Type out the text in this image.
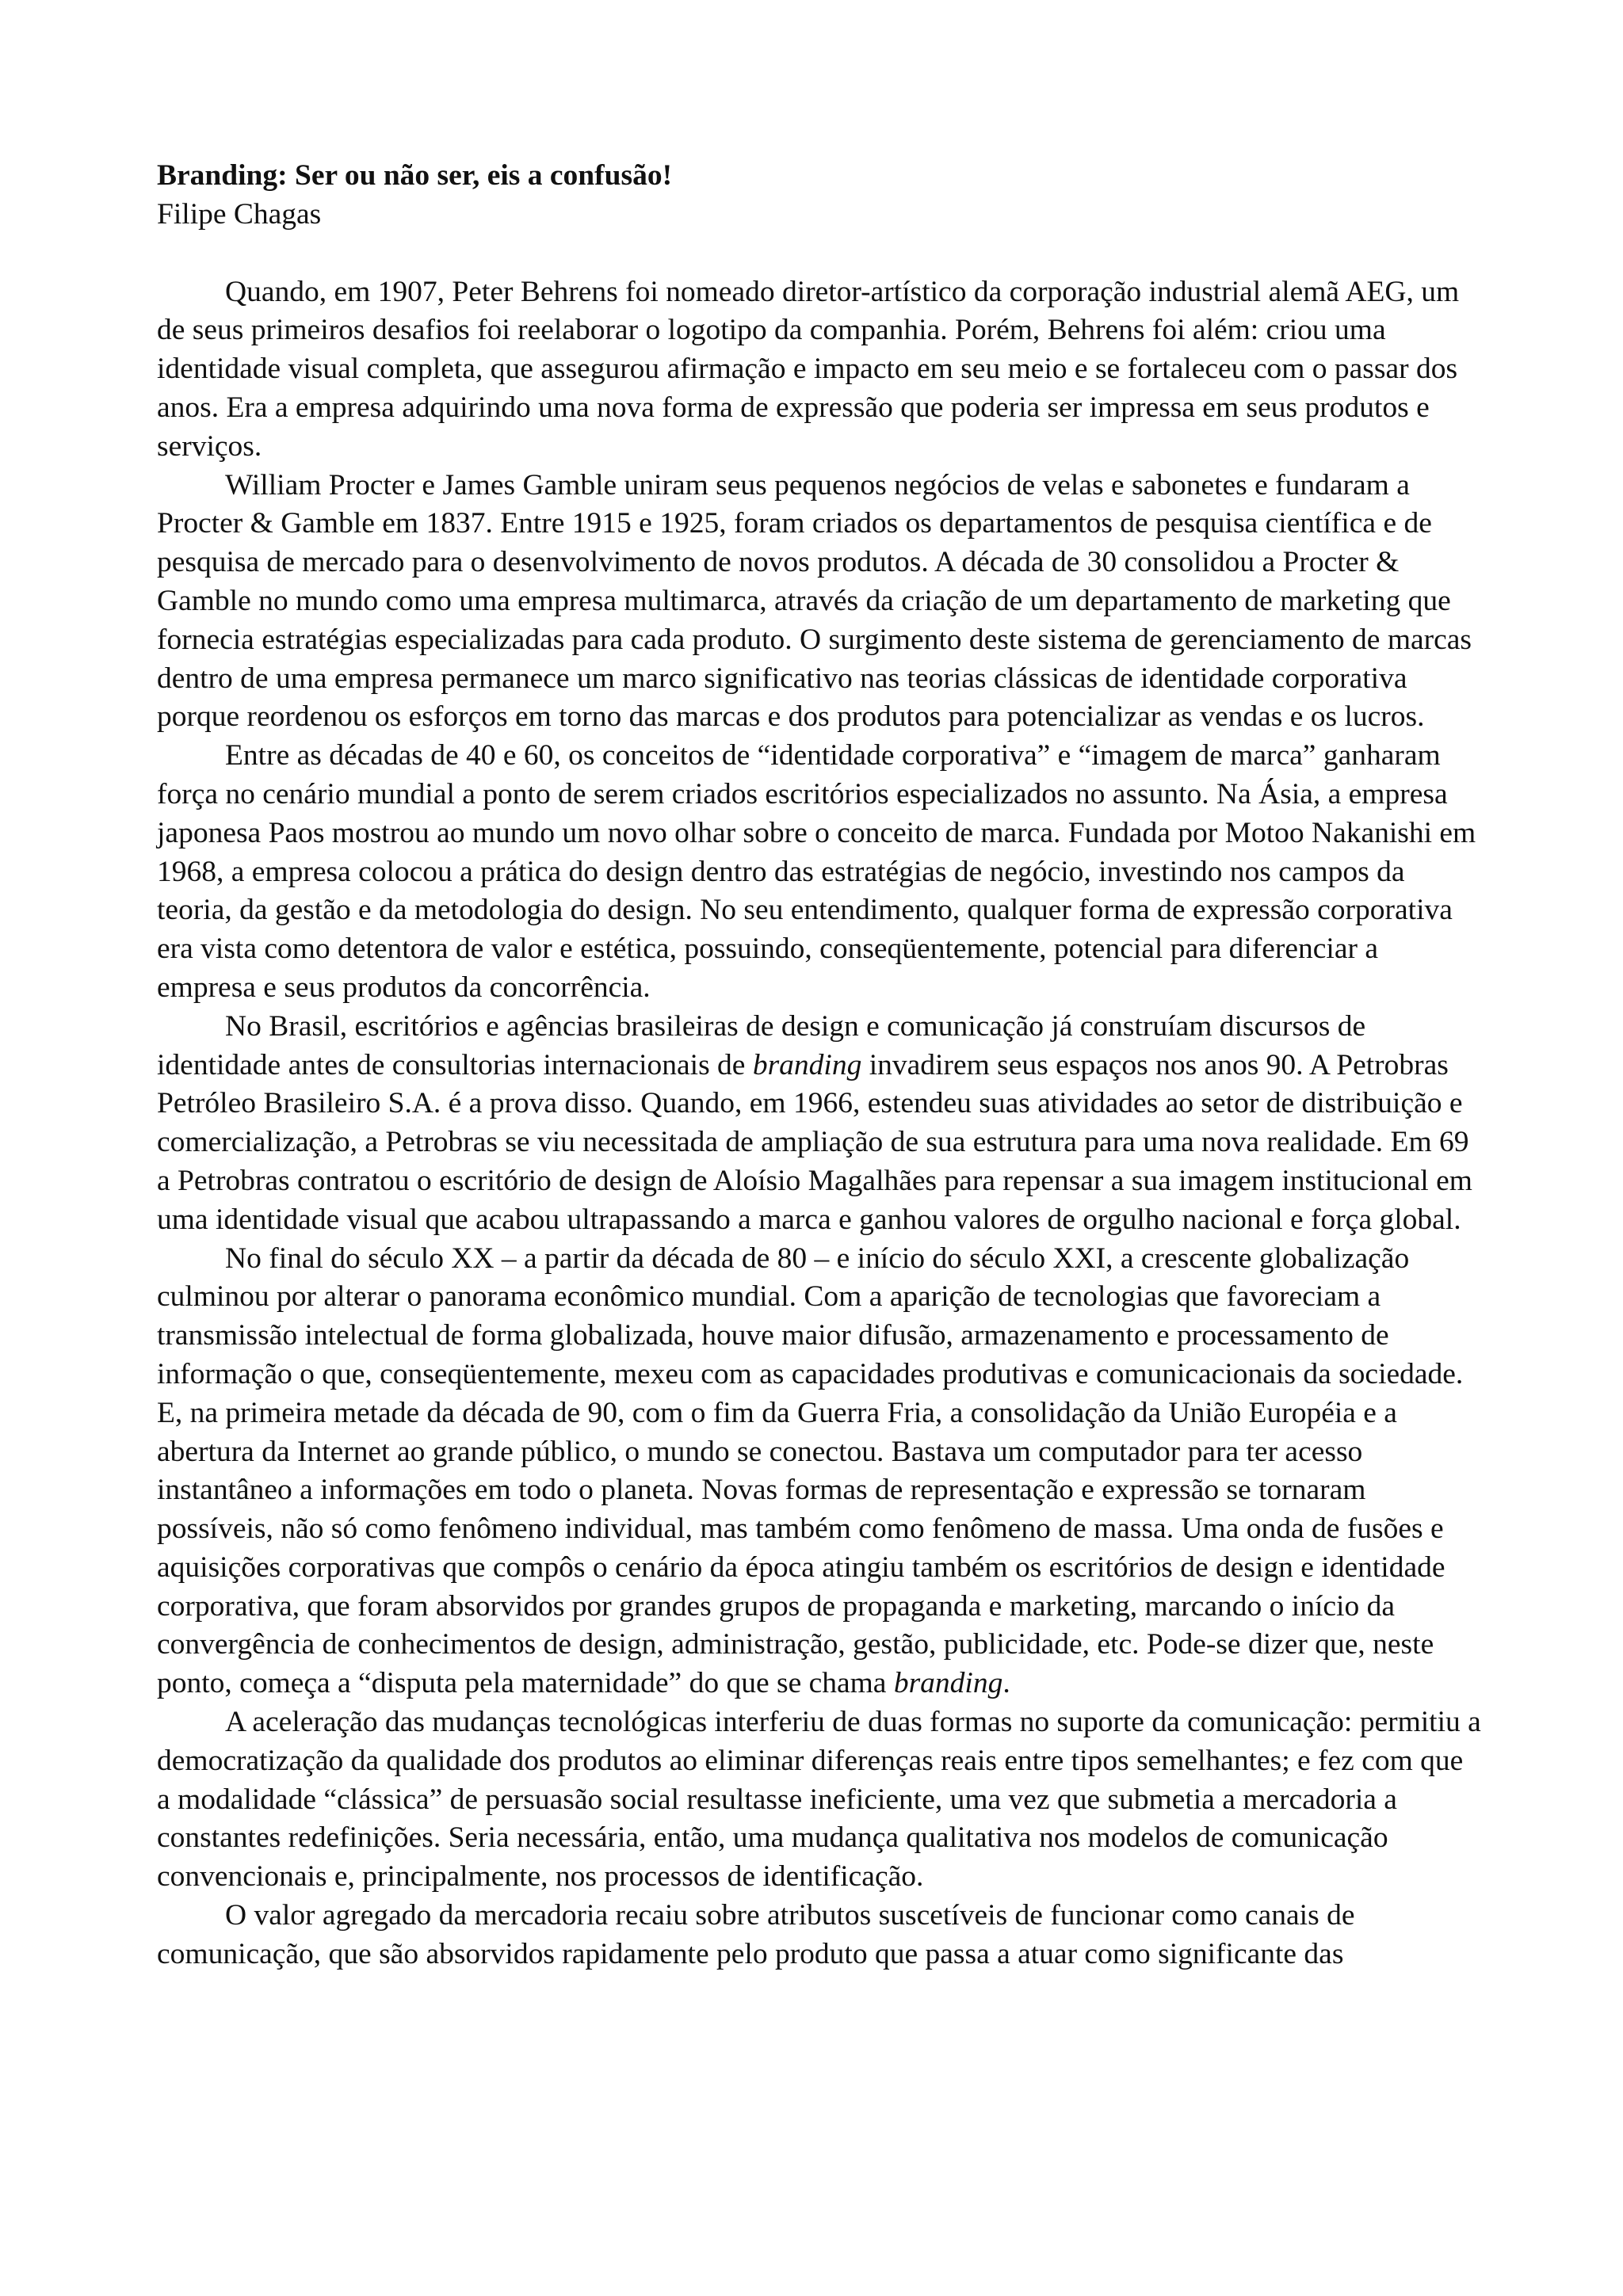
Branding: Ser ou não ser, eis a confusão!

Filipe Chagas

Quando, em 1907, Peter Behrens foi nomeado diretor-artístico da corporação industrial alemã AEG, um de seus primeiros desafios foi reelaborar o logotipo da companhia. Porém, Behrens foi além: criou uma identidade visual completa, que assegurou afirmação e impacto em seu meio e se fortaleceu com o passar dos anos. Era a empresa adquirindo uma nova forma de expressão que poderia ser impressa em seus produtos e serviços.

William Procter e James Gamble uniram seus pequenos negócios de velas e sabonetes e fundaram a Procter & Gamble em 1837. Entre 1915 e 1925, foram criados os departamentos de pesquisa científica e de pesquisa de mercado para o desenvolvimento de novos produtos. A década de 30 consolidou a Procter & Gamble no mundo como uma empresa multimarca, através da criação de um departamento de marketing que fornecia estratégias especializadas para cada produto. O surgimento deste sistema de gerenciamento de marcas dentro de uma empresa permanece um marco significativo nas teorias clássicas de identidade corporativa porque reordenou os esforços em torno das marcas e dos produtos para potencializar as vendas e os lucros.

Entre as décadas de 40 e 60, os conceitos de “identidade corporativa” e “imagem de marca” ganharam força no cenário mundial a ponto de serem criados escritórios especializados no assunto. Na Ásia, a empresa japonesa Paos mostrou ao mundo um novo olhar sobre o conceito de marca. Fundada por Motoo Nakanishi em 1968, a empresa colocou a prática do design dentro das estratégias de negócio, investindo nos campos da teoria, da gestão e da metodologia do design. No seu entendimento, qualquer forma de expressão corporativa era vista como detentora de valor e estética, possuindo, conseqüentemente, potencial para diferenciar a empresa e seus produtos da concorrência.

No Brasil, escritórios e agências brasileiras de design e comunicação já construíam discursos de identidade antes de consultorias internacionais de branding invadirem seus espaços nos anos 90. A Petrobras Petróleo Brasileiro S.A. é a prova disso. Quando, em 1966, estendeu suas atividades ao setor de distribuição e comercialização, a Petrobras se viu necessitada de ampliação de sua estrutura para uma nova realidade. Em 69 a Petrobras contratou o escritório de design de Aloísio Magalhães para repensar a sua imagem institucional em uma identidade visual que acabou ultrapassando a marca e ganhou valores de orgulho nacional e força global.

No final do século XX – a partir da década de 80 – e início do século XXI, a crescente globalização culminou por alterar o panorama econômico mundial. Com a aparição de tecnologias que favoreciam a transmissão intelectual de forma globalizada, houve maior difusão, armazenamento e processamento de informação o que, conseqüentemente, mexeu com as capacidades produtivas e comunicacionais da sociedade. E, na primeira metade da década de 90, com o fim da Guerra Fria, a consolidação da União Européia e a abertura da Internet ao grande público, o mundo se conectou. Bastava um computador para ter acesso instantâneo a informações em todo o planeta. Novas formas de representação e expressão se tornaram possíveis, não só como fenômeno individual, mas também como fenômeno de massa. Uma onda de fusões e aquisições corporativas que compôs o cenário da época atingiu também os escritórios de design e identidade corporativa, que foram absorvidos por grandes grupos de propaganda e marketing, marcando o início da convergência de conhecimentos de design, administração, gestão, publicidade, etc. Pode-se dizer que, neste ponto, começa a “disputa pela maternidade” do que se chama branding.

A aceleração das mudanças tecnológicas interferiu de duas formas no suporte da comunicação: permitiu a democratização da qualidade dos produtos ao eliminar diferenças reais entre tipos semelhantes; e fez com que a modalidade “clássica” de persuasão social resultasse ineficiente, uma vez que submetia a mercadoria a constantes redefinições. Seria necessária, então, uma mudança qualitativa nos modelos de comunicação convencionais e, principalmente, nos processos de identificação.

O valor agregado da mercadoria recaiu sobre atributos suscetíveis de funcionar como canais de comunicação, que são absorvidos rapidamente pelo produto que passa a atuar como significante das
